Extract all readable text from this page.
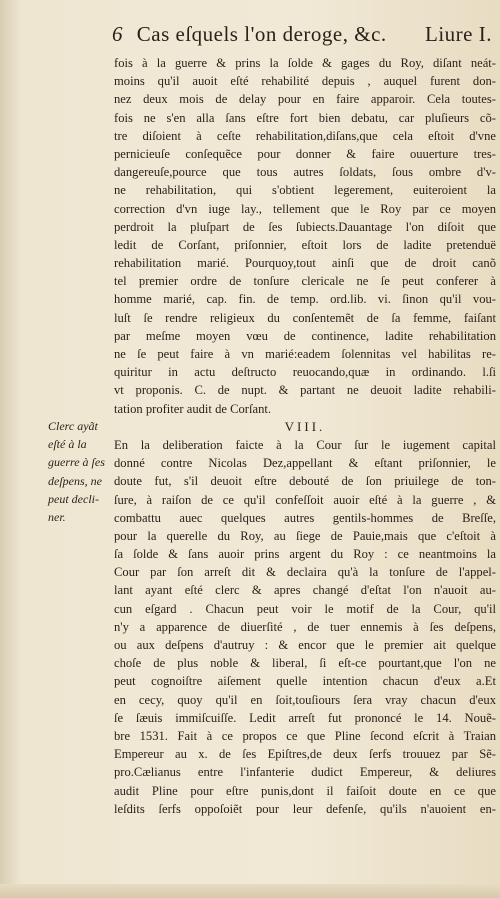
6 Cas eſquels l'on deroge, &c. Liure I.
fois à la guerre & prins la ſolde & gages du Roy, diſant neát-
moins qu'il auoit eſté rehabilité depuis , auquel furent don-
nez deux mois de delay pour en faire apparoir. Cela toutes-
fois ne s'en alla ſans eſtre fort bien debatu, car pluſieurs cõ-
tre diſoient à ceſte rehabilitation,diſans,que cela eſtoit d'vne
pernicieuſe conſequẽce pour donner & faire ouuerture tres-
dangereuſe,pource que tous autres ſoldats, ſous ombre d'v-
ne rehabilitation, qui s'obtient legerement, euiteroient la
correction d'vn iuge lay., tellement que le Roy par ce moyen
perdroit la pluſpart de ſes ſubiects.Dauantage l'on diſoit que
ledit de Corſant, priſonnier, eſtoit lors de ladite pretenduë
rehabilitation marié. Pourquoy,tout ainſi que de droit canõ
tel premier ordre de tonſure clericale ne ſe peut conferer à
homme marié, cap. fin. de temp. ord.lib. vi. ſinon qu'il vou-
luſt ſe rendre religieux du conſentemẽt de ſa femme, faiſant
par meſme moyen vœu de continence, ladite rehabilitation
ne ſe peut faire à vn marié:eadem ſolennitas vel habilitas re-
quiritur in actu deſtructo reuocando,quæ in ordinando. l.ſi
vt proponis. C. de nupt. & partant ne deuoit ladite rehabili-
tation profiter audit de Corſant.
VIII.
En la deliberation faicte à la Cour ſur le iugement capital
donné contre Nicolas Dez,appellant & eſtant priſonnier, le
doute fut, s'il deuoit eſtre debouté de ſon priuilege de ton-
ſure, à raiſon de ce qu'il confeſſoit auoir eſté à la guerre , &
combattu auec quelques autres gentils-hommes de Breſſe,
pour la querelle du Roy, au ſiege de Pauie,mais que c'eſtoit à
ſa ſolde & ſans auoir prins argent du Roy : ce neantmoins la
Cour par ſon arreſt dit & declaira qu'à la tonſure de l'appel-
lant ayant eſté clerc & apres changé d'eſtat l'on n'auoit au-
cun eſgard . Chacun peut voir le motif de la Cour, qu'il
n'y a apparence de diuerſité , de tuer ennemis à ſes deſpens,
ou aux deſpens d'autruy : & encor que le premier ait quelque
choſe de plus noble & liberal, ſi eſt-ce pourtant,que l'on ne
peut cognoiſtre aiſement quelle intention chacun d'eux a.Et
en cecy, quoy qu'il en ſoit,touſiours ſera vray chacun d'eux
ſe ſæuis immiſcuiſſe. Ledit arreſt fut prononcé le 14. Nouẽ-
bre 1531. Fait à ce propos ce que Pline ſecond eſcrit à Traian
Empereur au x. de ſes Epiſtres,de deux ſerfs trouuez par Sẽ-
pro.Cælianus entre l'infanterie dudict Empereur, & deliures
audit Pline pour eſtre punis,dont il faiſoit doute en ce que
leſdits ſerfs oppoſoiẽt pour leur defenſe, qu'ils n'auoient en-
Clerc ayãt
eſté à la
guerre à ſes
deſpens, ne
peut decli-
ner.
